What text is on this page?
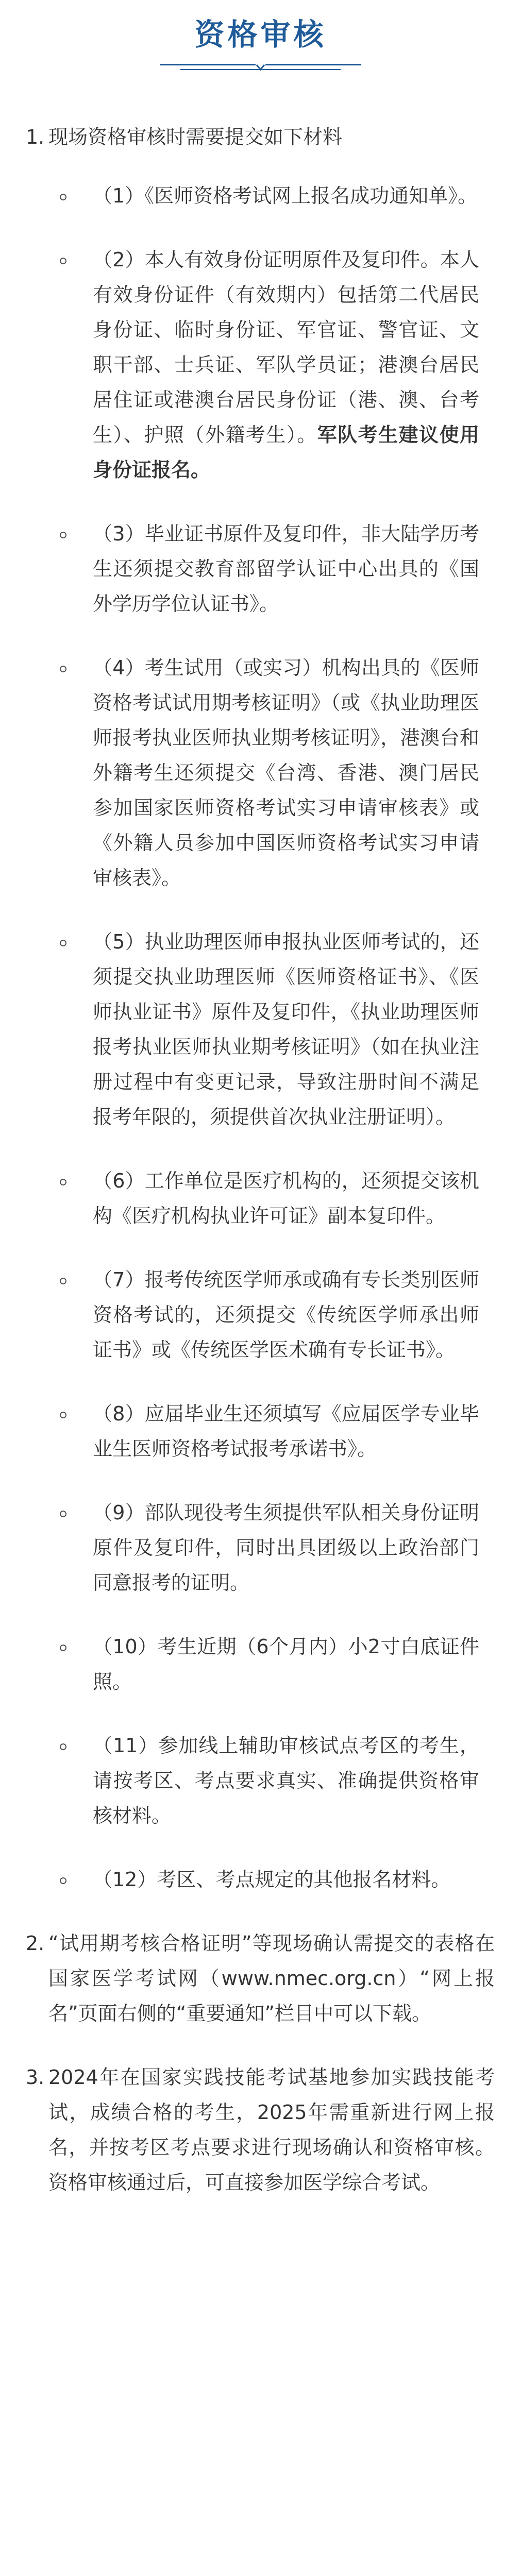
资格审核
1. 现场资格审核时需要提交如下材料
（1）《医师资格考试网上报名成功通知单》。
（2）本人有效身份证明原件及复印件。本人有效身份证件（有效期内）包括第二代居民身份证、临时身份证、军官证、警官证、文职干部、士兵证、军队学员证；港澳台居民居住证或港澳台居民身份证（港、澳、台考生）、护照（外籍考生）。军队考生建议使用身份证报名。
（3）毕业证书原件及复印件，非大陆学历考生还须提交教育部留学认证中心出具的《国外学历学位认证书》。
（4）考生试用（或实习）机构出具的《医师资格考试试用期考核证明》（或《执业助理医师报考执业医师执业期考核证明》，港澳台和外籍考生还须提交《台湾、香港、澳门居民参加国家医师资格考试实习申请审核表》或《外籍人员参加中国医师资格考试实习申请审核表》。
（5）执业助理医师申报执业医师考试的，还须提交执业助理医师《医师资格证书》、《医师执业证书》原件及复印件，《执业助理医师报考执业医师执业期考核证明》（如在执业注册过程中有变更记录，导致注册时间不满足报考年限的，须提供首次执业注册证明）。
（6）工作单位是医疗机构的，还须提交该机构《医疗机构执业许可证》副本复印件。
（7）报考传统医学师承或确有专长类别医师资格考试的，还须提交《传统医学师承出师证书》或《传统医学医术确有专长证书》。
（8）应届毕业生还须填写《应届医学专业毕业生医师资格考试报考承诺书》。
（9）部队现役考生须提供军队相关身份证明原件及复印件，同时出具团级以上政治部门同意报考的证明。
（10）考生近期（6个月内）小2寸白底证件照。
（11）参加线上辅助审核试点考区的考生，请按考区、考点要求真实、准确提供资格审核材料。
（12）考区、考点规定的其他报名材料。
2. “试用期考核合格证明”等现场确认需提交的表格在国家医学考试网（www.nmec.org.cn）“网上报名”页面右侧的“重要通知”栏目中可以下载。
3. 2024年在国家实践技能考试基地参加实践技能考试，成绩合格的考生，2025年需重新进行网上报名，并按考区考点要求进行现场确认和资格审核。资格审核通过后，可直接参加医学综合考试。
